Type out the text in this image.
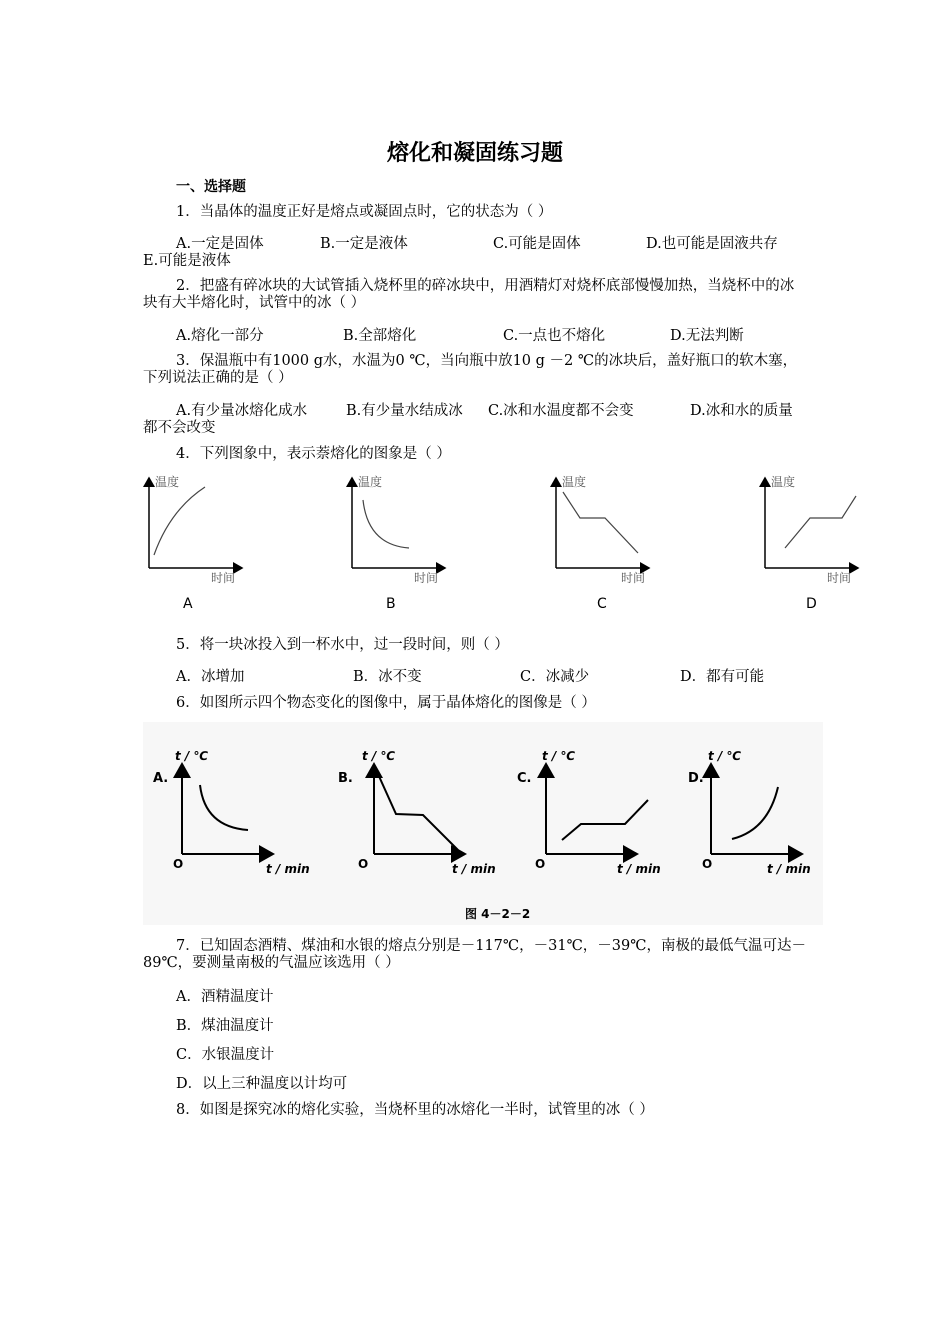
熔化和凝固练习题
一、选择题
1．当晶体的温度正好是熔点或凝固点时，它的状态为（ ）
A.一定是固体	B.一定是液体	C.可能是固体	D.也可能是固液共存
E.可能是液体
2．把盛有碎冰块的大试管插入烧杯里的碎冰块中，用酒精灯对烧杯底部慢慢加热，当烧杯中的冰块有大半熔化时，试管中的冰（ ）
A.熔化一部分	B.全部熔化	C.一点也不熔化	D.无法判断
3．保温瓶中有1000 g水，水温为0 ℃，当向瓶中放10 g －2 ℃的冰块后，盖好瓶口的软木塞，下列说法正确的是（ ）
A.有少量冰熔化成水	B.有少量水结成冰 C.冰和水温度都不会变	D.冰和水的质量
都不会改变
4．下列图象中，表示萘熔化的图象是（ ）
温度
时间
A
温度
时间
B
温度
时间
C
温度
时间
D
5．将一块冰投入到一杯水中，过一段时间，则（ ）
A．冰增加	B．冰不变	C．冰减少	D．都有可能
6．如图所示四个物态变化的图像中，属于晶体熔化的图像是（ ）
t / ℃
A.
O	t / min
t / ℃
B.
O	t / min
t / ℃
C.
O	t / min
t / ℃
D.
O	t / min
图 4－2－2
7．已知固态酒精、煤油和水银的熔点分别是－117℃，－31℃，－39℃，南极的最低气温可达－89℃，要测量南极的气温应该选用（ ）
A．酒精温度计
B．煤油温度计
C．水银温度计
D．以上三种温度以计均可
8．如图是探究冰的熔化实验，当烧杯里的冰熔化一半时，试管里的冰（ ）
